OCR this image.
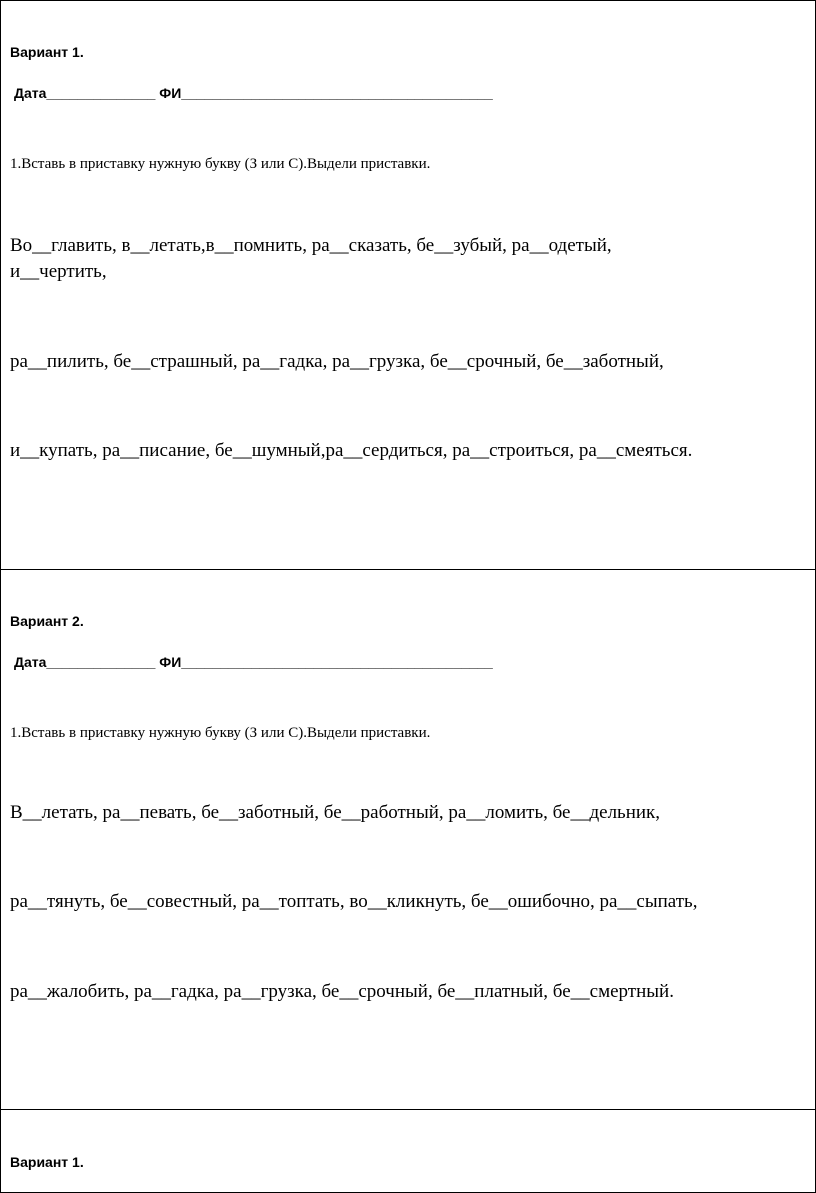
Вариант 1.
Дата______________ ФИ________________________________________
1.Вставь в приставку нужную букву (З или С).Выдели приставки.
Во__главить, в__летать,в__помнить, ра__сказать, бе__зубый, ра__одетый,
и__чертить,
ра__пилить, бе__страшный, ра__гадка, ра__грузка, бе__срочный, бе__заботный,
и__купать, ра__писание, бе__шумный,ра__сердиться, ра__строиться, ра__смеяться.
Вариант 2.
Дата______________ ФИ________________________________________
1.Вставь в приставку нужную букву (З или С).Выдели приставки.
В__летать, ра__певать, бе__заботный, бе__работный, ра__ломить, бе__дельник,
ра__тянуть, бе__совестный, ра__топтать, во__кликнуть, бе__ошибочно, ра__сыпать,
ра__жалобить, ра__гадка, ра__грузка, бе__срочный, бе__платный, бе__смертный.
Вариант 1.
